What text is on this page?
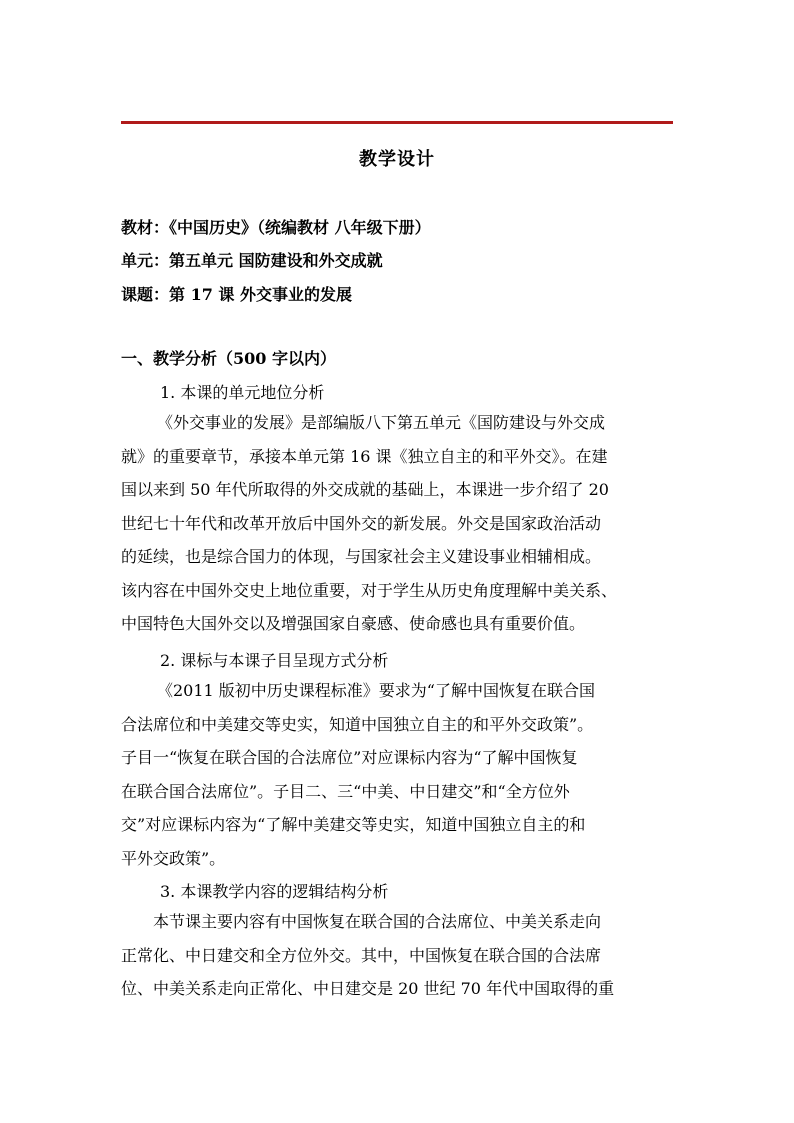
教学设计
教材：《中国历史》（统编教材 八年级下册）
单元：第五单元 国防建设和外交成就
课题：第 17 课 外交事业的发展
一、教学分析（500 字以内）
1. 本课的单元地位分析
《外交事业的发展》是部编版八下第五单元《国防建设与外交成
就》的重要章节，承接本单元第 16 课《独立自主的和平外交》。在建
国以来到 50 年代所取得的外交成就的基础上，本课进一步介绍了 20
世纪七十年代和改革开放后中国外交的新发展。外交是国家政治活动
的延续，也是综合国力的体现，与国家社会主义建设事业相辅相成。
该内容在中国外交史上地位重要，对于学生从历史角度理解中美关系、
中国特色大国外交以及增强国家自豪感、使命感也具有重要价值。
2. 课标与本课子目呈现方式分析
《2011 版初中历史课程标准》要求为“了解中国恢复在联合国
合法席位和中美建交等史实，知道中国独立自主的和平外交政策”。
子目一“恢复在联合国的合法席位”对应课标内容为“了解中国恢复
在联合国合法席位”。子目二、三“中美、中日建交”和“全方位外
交”对应课标内容为“了解中美建交等史实，知道中国独立自主的和
平外交政策”。
3. 本课教学内容的逻辑结构分析
本节课主要内容有中国恢复在联合国的合法席位、中美关系走向
正常化、中日建交和全方位外交。其中，中国恢复在联合国的合法席
位、中美关系走向正常化、中日建交是 20 世纪 70 年代中国取得的重
